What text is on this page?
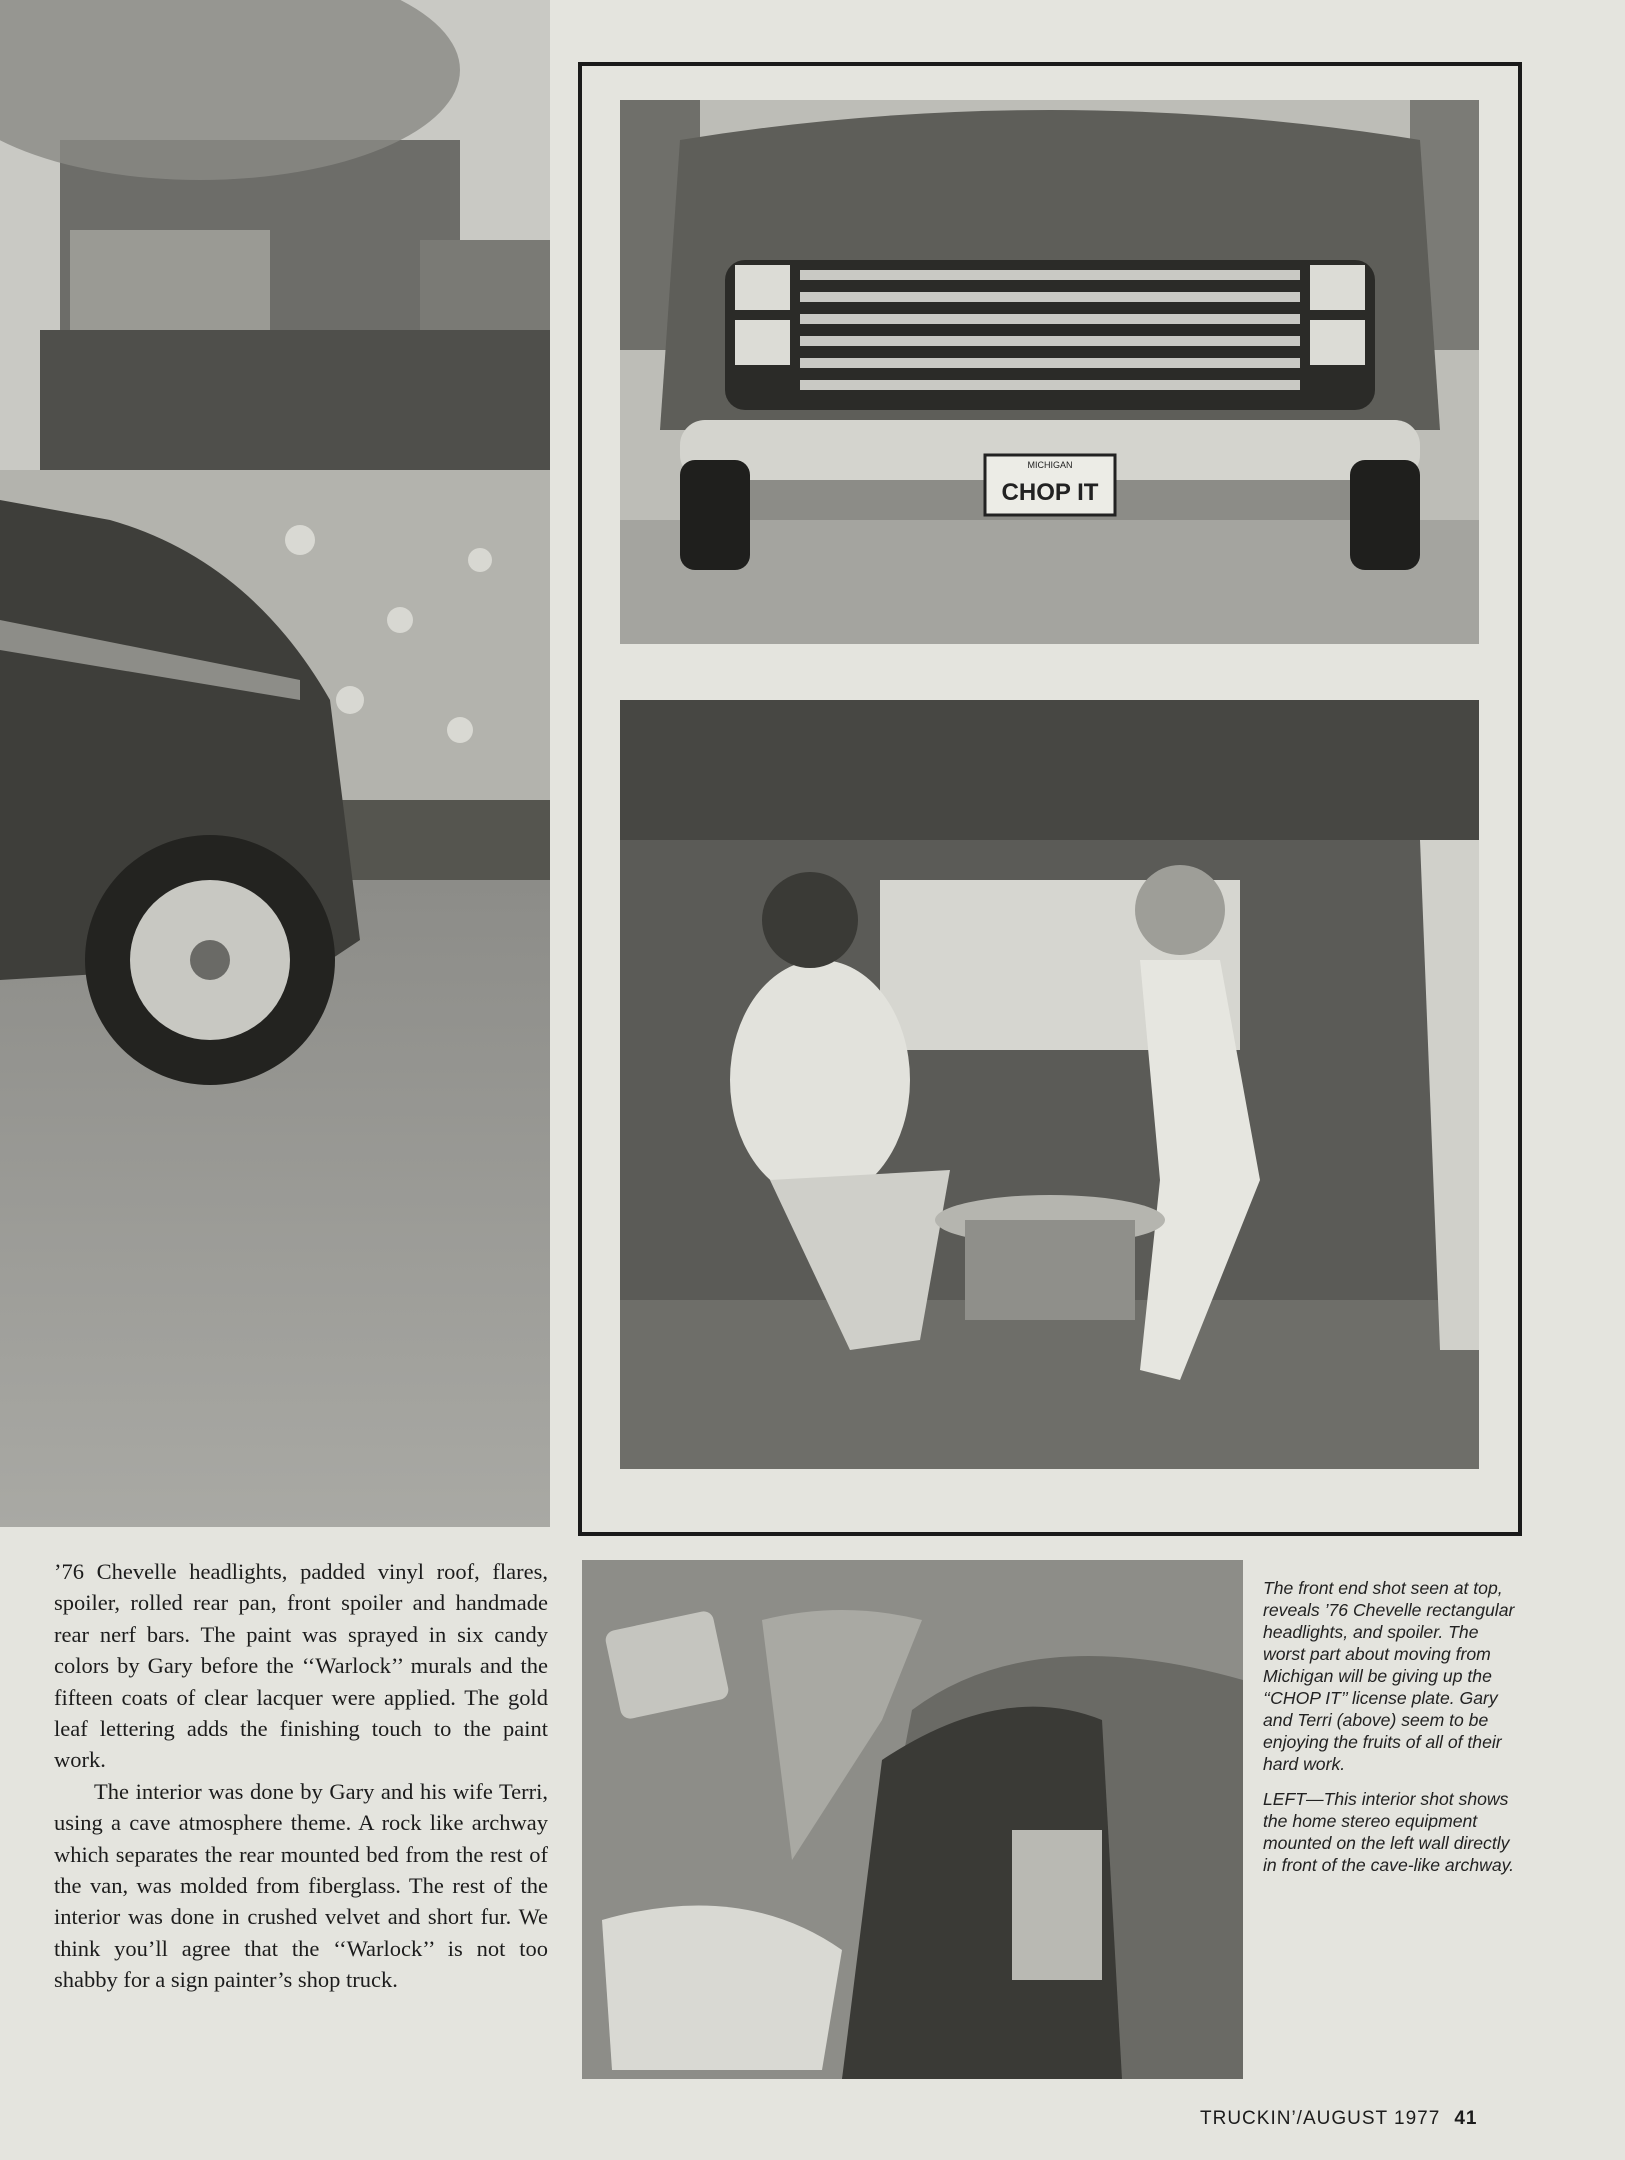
MICHIGAN
CHOP IT

’76 Chevelle headlights, padded vinyl roof, flares, spoiler, rolled rear pan, front spoiler and handmade rear nerf bars. The paint was sprayed in six candy colors by Gary before the ‘‘Warlock’’ murals and the fifteen coats of clear lacquer were applied. The gold leaf lettering adds the finishing touch to the paint work.

The interior was done by Gary and his wife Terri, using a cave atmosphere theme. A rock like archway which separates the rear mounted bed from the rest of the van, was molded from fiberglass. The rest of the interior was done in crushed velvet and short fur. We think you’ll agree that the ‘‘Warlock’’ is not too shabby for a sign painter’s shop truck.

The front end shot seen at top, reveals ’76 Chevelle rectangular headlights, and spoiler. The worst part about moving from Michigan will be giving up the ‘‘CHOP IT’’ license plate. Gary and Terri (above) seem to be enjoying the fruits of all of their hard work.

LEFT—This interior shot shows the home stereo equipment mounted on the left wall directly in front of the cave-like archway.

TRUCKIN’/AUGUST 1977 41
